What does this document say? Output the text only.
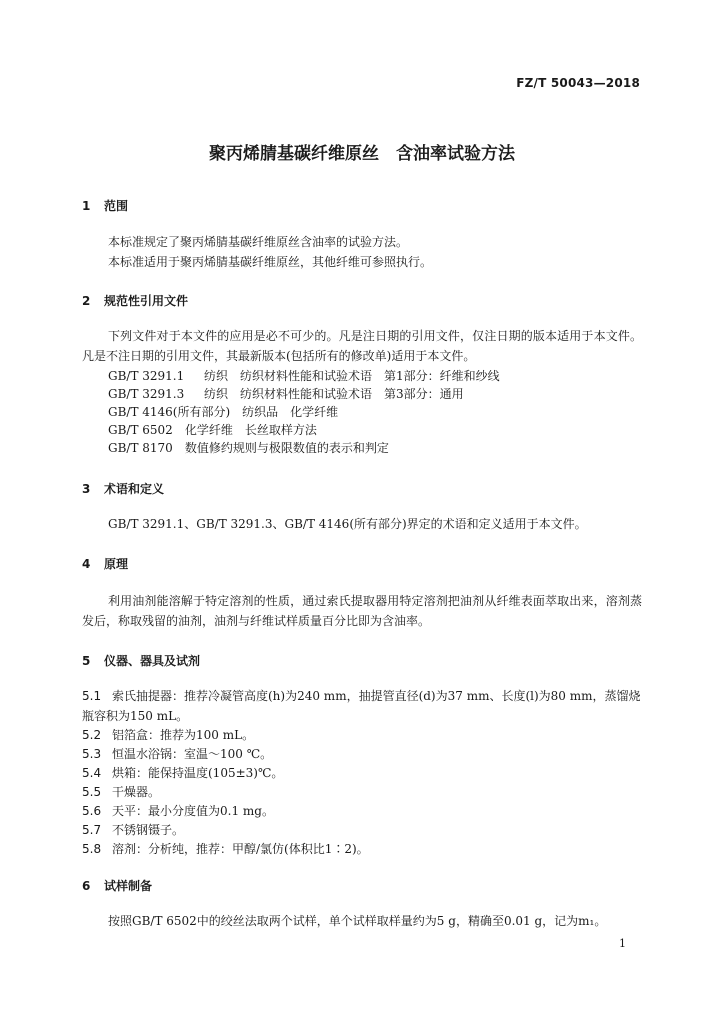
FZ/T 50043—2018
聚丙烯腈基碳纤维原丝　含油率试验方法
1 范围
本标准规定了聚丙烯腈基碳纤维原丝含油率的试验方法。
本标准适用于聚丙烯腈基碳纤维原丝，其他纤维可参照执行。
2 规范性引用文件
下列文件对于本文件的应用是必不可少的。凡是注日期的引用文件，仅注日期的版本适用于本文件。凡是不注日期的引用文件，其最新版本(包括所有的修改单)适用于本文件。
GB/T 3291.1 纺织　纺织材料性能和试验术语　第1部分：纤维和纱线
GB/T 3291.3 纺织　纺织材料性能和试验术语　第3部分：通用
GB/T 4146(所有部分) 纺织品　化学纤维
GB/T 6502 化学纤维　长丝取样方法
GB/T 8170 数值修约规则与极限数值的表示和判定
3 术语和定义
GB/T 3291.1、GB/T 3291.3、GB/T 4146(所有部分)界定的术语和定义适用于本文件。
4 原理
利用油剂能溶解于特定溶剂的性质，通过索氏提取器用特定溶剂把油剂从纤维表面萃取出来，溶剂蒸发后，称取残留的油剂，油剂与纤维试样质量百分比即为含油率。
5 仪器、器具及试剂
5.1 索氏抽提器：推荐冷凝管高度(h)为240 mm，抽提管直径(d)为37 mm、长度(l)为80 mm，蒸馏烧瓶容积为150 mL。
5.2 铝箔盒：推荐为100 mL。
5.3 恒温水浴锅：室温～100 ℃。
5.4 烘箱：能保持温度(105±3)℃。
5.5 干燥器。
5.6 天平：最小分度值为0.1 mg。
5.7 不锈钢镊子。
5.8 溶剂：分析纯，推荐：甲醇/氯仿(体积比1∶2)。
6 试样制备
按照GB/T 6502中的绞丝法取两个试样，单个试样取样量约为5 g，精确至0.01 g，记为m₁。
1
